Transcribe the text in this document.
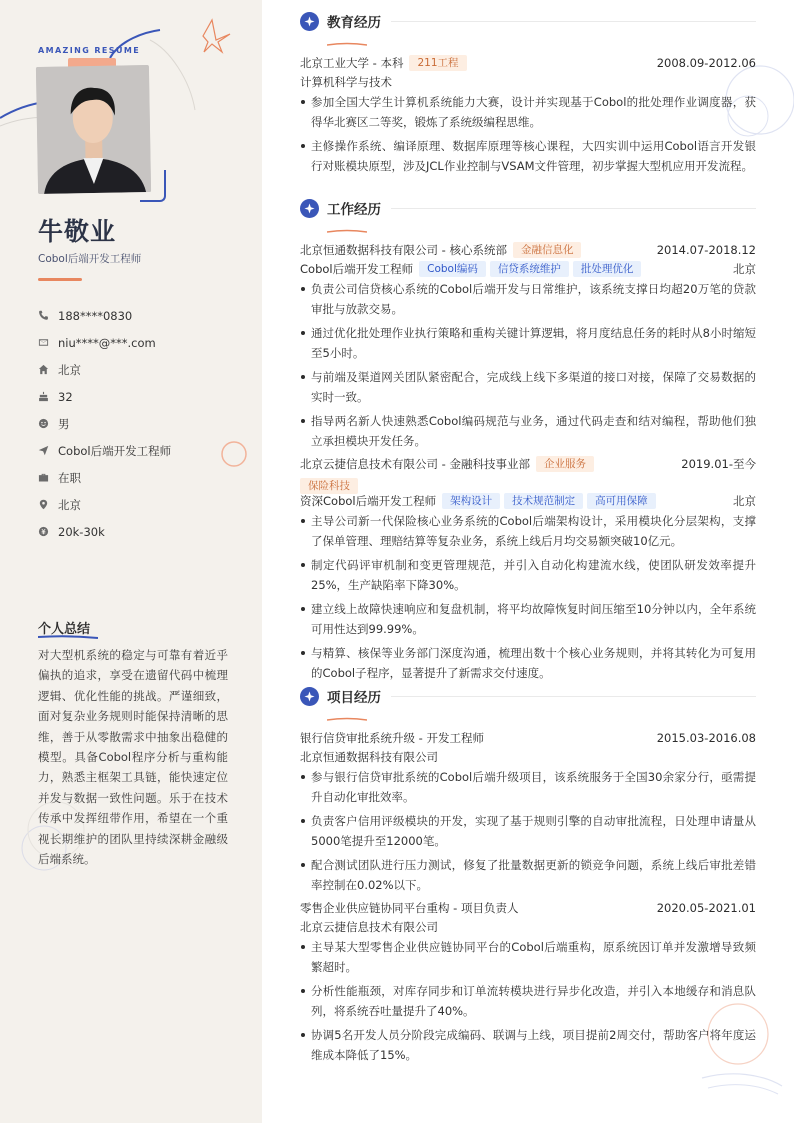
AMAZING RESUME
牛敬业
Cobol后端开发工程师
188****0830
niu****@***.com
北京
32
男
Cobol后端开发工程师
在职
北京
20k-30k
个人总结
对大型机系统的稳定与可靠有着近乎偏执的追求，享受在遗留代码中梳理逻辑、优化性能的挑战。严谨细致，面对复杂业务规则时能保持清晰的思维，善于从零散需求中抽象出稳健的模型。具备Cobol程序分析与重构能力，熟悉主框架工具链，能快速定位并发与数据一致性问题。乐于在技术传承中发挥纽带作用，希望在一个重视长期维护的团队里持续深耕金融级后端系统。
教育经历
北京工业大学 - 本科	211工程	2008.09-2012.06
计算机科学与技术
参加全国大学生计算机系统能力大赛，设计并实现基于Cobol的批处理作业调度器，获得华北赛区二等奖，锻炼了系统级编程思维。
主修操作系统、编译原理、数据库原理等核心课程，大四实训中运用Cobol语言开发银行对账模块原型，涉及JCL作业控制与VSAM文件管理，初步掌握大型机应用开发流程。
工作经历
北京恒通数据科技有限公司 - 核心系统部	金融信息化	2014.07-2018.12
Cobol后端开发工程师	Cobol编码	信贷系统维护	批处理优化	北京
负责公司信贷核心系统的Cobol后端开发与日常维护，该系统支撑日均超20万笔的贷款审批与放款交易。
通过优化批处理作业执行策略和重构关键计算逻辑，将月度结息任务的耗时从8小时缩短至5小时。
与前端及渠道网关团队紧密配合，完成线上线下多渠道的接口对接，保障了交易数据的实时一致。
指导两名新人快速熟悉Cobol编码规范与业务，通过代码走查和结对编程，帮助他们独立承担模块开发任务。
北京云捷信息技术有限公司 - 金融科技事业部	企业服务	2019.01-至今
保险科技
资深Cobol后端开发工程师	架构设计	技术规范制定	高可用保障	北京
主导公司新一代保险核心业务系统的Cobol后端架构设计，采用模块化分层架构，支撑了保单管理、理赔结算等复杂业务，系统上线后月均交易额突破10亿元。
制定代码评审机制和变更管理规范，并引入自动化构建流水线，使团队研发效率提升25%，生产缺陷率下降30%。
建立线上故障快速响应和复盘机制，将平均故障恢复时间压缩至10分钟以内，全年系统可用性达到99.99%。
与精算、核保等业务部门深度沟通，梳理出数十个核心业务规则，并将其转化为可复用的Cobol子程序，显著提升了新需求交付速度。
项目经历
银行信贷审批系统升级 - 开发工程师	2015.03-2016.08
北京恒通数据科技有限公司
参与银行信贷审批系统的Cobol后端升级项目，该系统服务于全国30余家分行，亟需提升自动化审批效率。
负责客户信用评级模块的开发，实现了基于规则引擎的自动审批流程，日处理申请量从5000笔提升至12000笔。
配合测试团队进行压力测试，修复了批量数据更新的锁竞争问题，系统上线后审批差错率控制在0.02%以下。
零售企业供应链协同平台重构 - 项目负责人	2020.05-2021.01
北京云捷信息技术有限公司
主导某大型零售企业供应链协同平台的Cobol后端重构，原系统因订单并发激增导致频繁超时。
分析性能瓶颈，对库存同步和订单流转模块进行异步化改造，并引入本地缓存和消息队列，将系统吞吐量提升了40%。
协调5名开发人员分阶段完成编码、联调与上线，项目提前2周交付，帮助客户将年度运维成本降低了15%。
